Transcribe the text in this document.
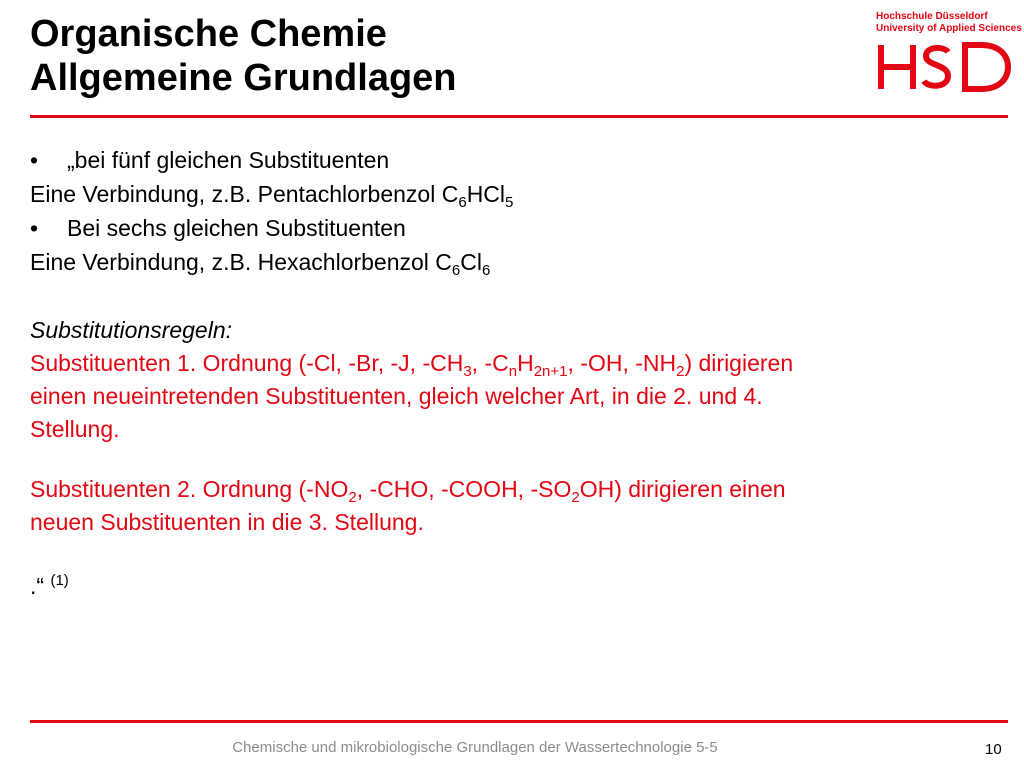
Organische Chemie
Allgemeine Grundlagen
Hochschule Düsseldorf
University of Applied Sciences
• „bei fünf gleichen Substituenten
Eine Verbindung, z.B. Pentachlorbenzol $C_6HCl_5$
• Bei sechs gleichen Substituenten
Eine Verbindung, z.B. Hexachlorbenzol $C_6Cl_6$
Substitutionsregeln:
Substituenten 1. Ordnung (-Cl, -Br, -J, $-CH_3$, $-C_nH_{2n+1}$, -OH, $-NH_2$) dirigieren
einen neueintretenden Substituenten, gleich welcher Art, in die 2. und 4.
Stellung.
Substituenten 2. Ordnung ($-NO_2$, -CHO, -COOH, $-SO_2OH$) dirigieren einen
neuen Substituenten in die 3. Stellung.
.“ $^{(1)}$
Chemische und mikrobiologische Grundlagen der Wassertechnologie 5-5	10
